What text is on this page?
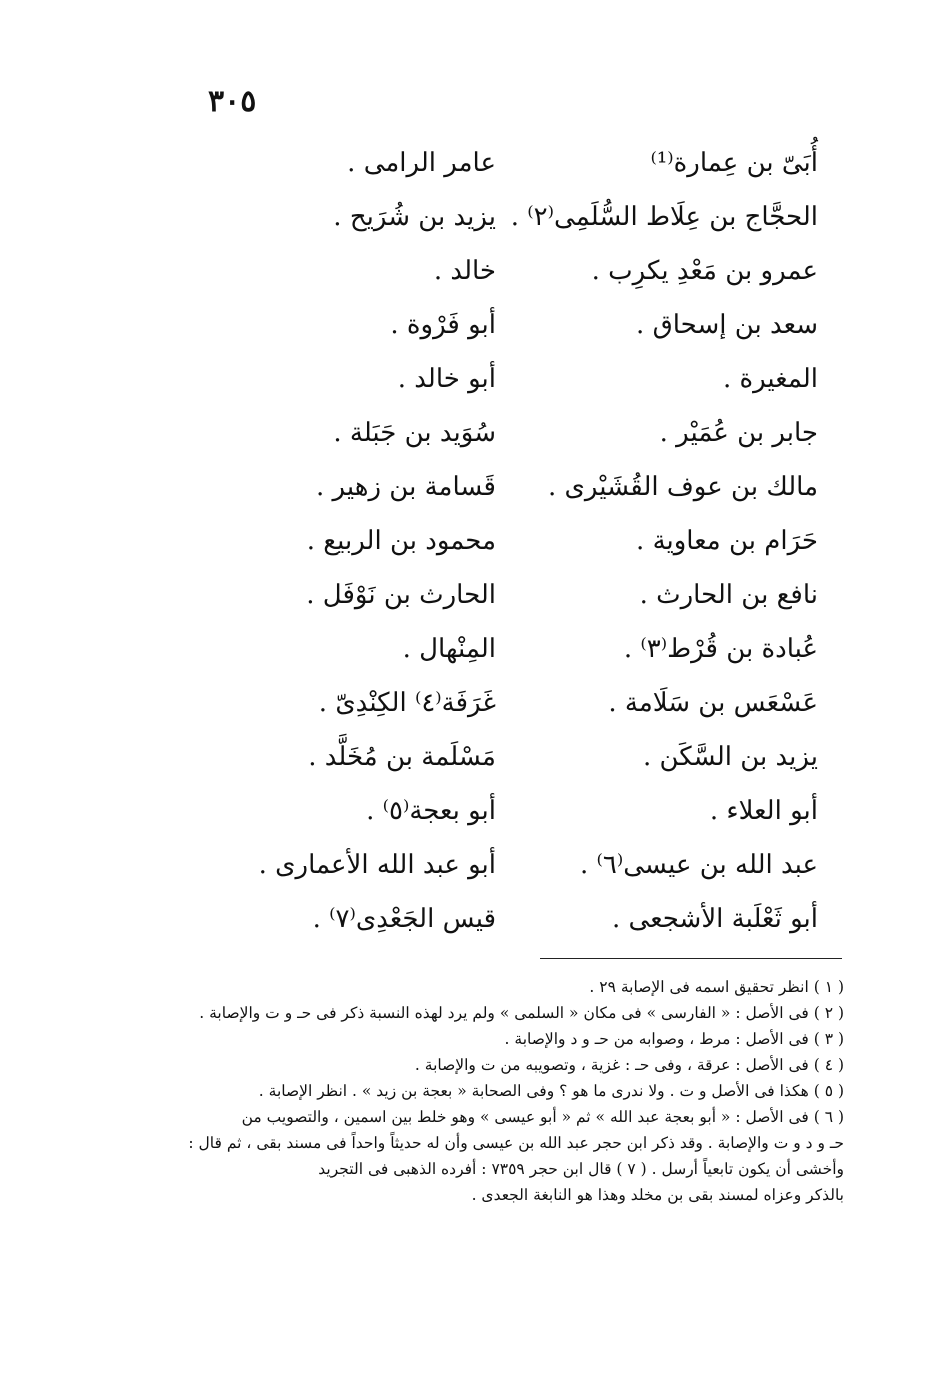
٣٠٥
أُبَىّ بن عِمارة⁽¹⁾
عامر الرامى .
الحجَّاج بن عِلَاط السُّلَمِى⁽٢⁾ .
يزيد بن شُرَيح .
عمرو بن مَعْدِ يكرِب .
خالد .
سعد بن إسحاق .
أبو فَرْوة .
المغيرة .
أبو خالد .
جابر بن عُمَيْر .
سُوَيد بن جَبَلة .
مالك بن عوف القُشَيْرى .
قَسامة بن زهير .
حَرَام بن معاوية .
محمود بن الربيع .
نافع بن الحارث .
الحارث بن نَوْفَل .
عُبادة بن قُرْط⁽٣⁾ .
المِنْهال .
عَسْعَس بن سَلَامة .
غَرَفَة⁽٤⁾ الكِنْدِىّ .
يزيد بن السَّكَن .
مَسْلَمة بن مُخَلَّد .
أبو العلاء .
أبو بعجة⁽٥⁾ .
عبد الله بن عيسى⁽٦⁾ .
أبو عبد الله الأعمارى .
أبو ثَعْلَبة الأشجعى .
قيس الجَعْدِى⁽٧⁾ .
( ١ ) انظر تحقيق اسمه فى الإصابة ٢٩ .
( ٢ ) فى الأصل : « الفارسى » فى مكان « السلمى » ولم يرد لهذه النسبة ذكر فى حـ و ت والإصابة .
( ٣ ) فى الأصل : مرط ، وصوابه من حـ و د والإصابة .
( ٤ ) فى الأصل : عرقة ، وفى حـ : غزية ، وتصويبه من ت والإصابة .
( ٥ ) هكذا فى الأصل و ت . ولا ندرى ما هو ؟ وفى الصحابة « بعجة بن زيد » . انظر الإصابة .
( ٦ ) فى الأصل : « أبو بعجة عبد الله » ثم « أبو عيسى » وهو خلط بين اسمين ، والتصويب من
حـ و د و ت والإصابة . وقد ذكر ابن حجر عبد الله بن عيسى وأن له حديثاً واحداً فى مسند بقى ، ثم قال :
وأخشى أن يكون تابعياً أرسل . ( ٧ ) قال ابن حجر ٧٣٥٩ : أفرده الذهبى فى التجريد
بالذكر وعزاه لمسند بقى بن مخلد وهذا هو النابغة الجعدى .
